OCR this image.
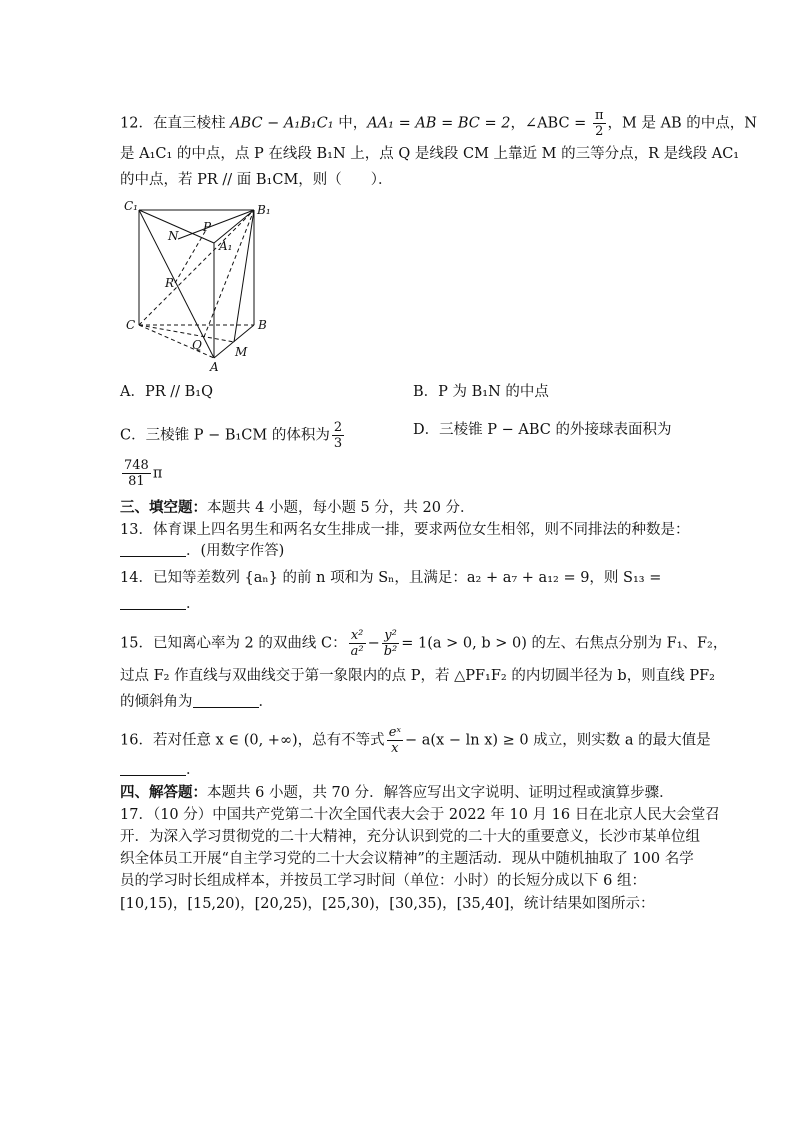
12．在直三棱柱 ABC − A₁B₁C₁ 中，AA₁ = AB = BC = 2，∠ABC = $\frac{\pi}{2}$ ，M 是 AB 的中点，N
是 A₁C₁ 的中点，点 P 在线段 B₁N 上，点 Q 是线段 CM 上靠近 M 的三等分点，R 是线段 AC₁
的中点，若 PR // 面 B₁CM，则（　　）．
C₁	B₁
N
P
A₁
R
C	B
Q	M
A
A．PR // B₁Q	B．P 为 B₁N 的中点
C．三棱锥 P − B₁CM 的体积为 $\frac{2}{3}$	D．三棱锥 P − ABC 的外接球表面积为
$\frac{748}{81}$ π
三、填空题：本题共 4 小题，每小题 5 分，共 20 分．
13．体育课上四名男生和两名女生排成一排，要求两位女生相邻，则不同排法的种数是：
．(用数字作答)
14．已知等差数列 {aₙ} 的前 n 项和为 Sₙ，且满足：a₂ + a₇ + a₁₂ = 9，则 S₁₃ =
．
15．已知离心率为 2 的双曲线 C： $\frac{\text{x²}}{\text{a²}} - \frac{\text{y²}}{\text{b²}} = 1(a > 0$, b > 0) 的左、右焦点分别为 F₁、F₂，
过点 F₂ 作直线与双曲线交于第一象限内的点 P，若 △PF₁F₂ 的内切圆半径为 b，则直线 PF₂
的倾斜角为	．
16．若对任意 x ∈ (0, +∞)，总有不等式 $\frac{\text{eˣ}}{x} - a(x - \ln x) \ge 0$ 成立，则实数 a 的最大值是
．
四、解答题：本题共 6 小题，共 70 分．解答应写出文字说明、证明过程或演算步骤．
17．（10 分）中国共产党第二十次全国代表大会于 2022 年 10 月 16 日在北京人民大会堂召
开．为深入学习贯彻党的二十大精神，充分认识到党的二十大的重要意义，长沙市某单位组
织全体员工开展“自主学习党的二十大会议精神”的主题活动．现从中随机抽取了 100 名学
员的学习时长组成样本，并按员工学习时间（单位：小时）的长短分成以下 6 组：
[10,15)，[15,20)，[20,25)，[25,30)，[30,35)，[35,40]，统计结果如图所示：
